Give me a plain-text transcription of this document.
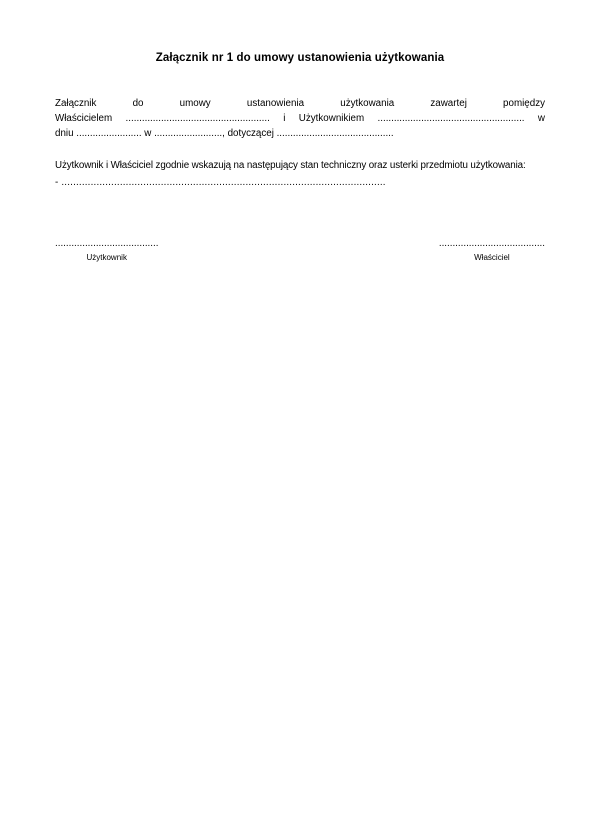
Załącznik nr 1 do umowy ustanowienia użytkowania
Załącznik do umowy ustanowienia użytkowania zawartej pomiędzy
Właścicielem ..................................................... i Użytkownikiem ...................................................... w
dniu ........................ w ........................., dotyczącej ...........................................
Użytkownik i Właściciel zgodnie wskazują na następujący stan techniczny oraz usterki przedmiotu użytkowania:
- ...............................................................................................................
......................................
Użytkownik
.......................................
Właściciel
